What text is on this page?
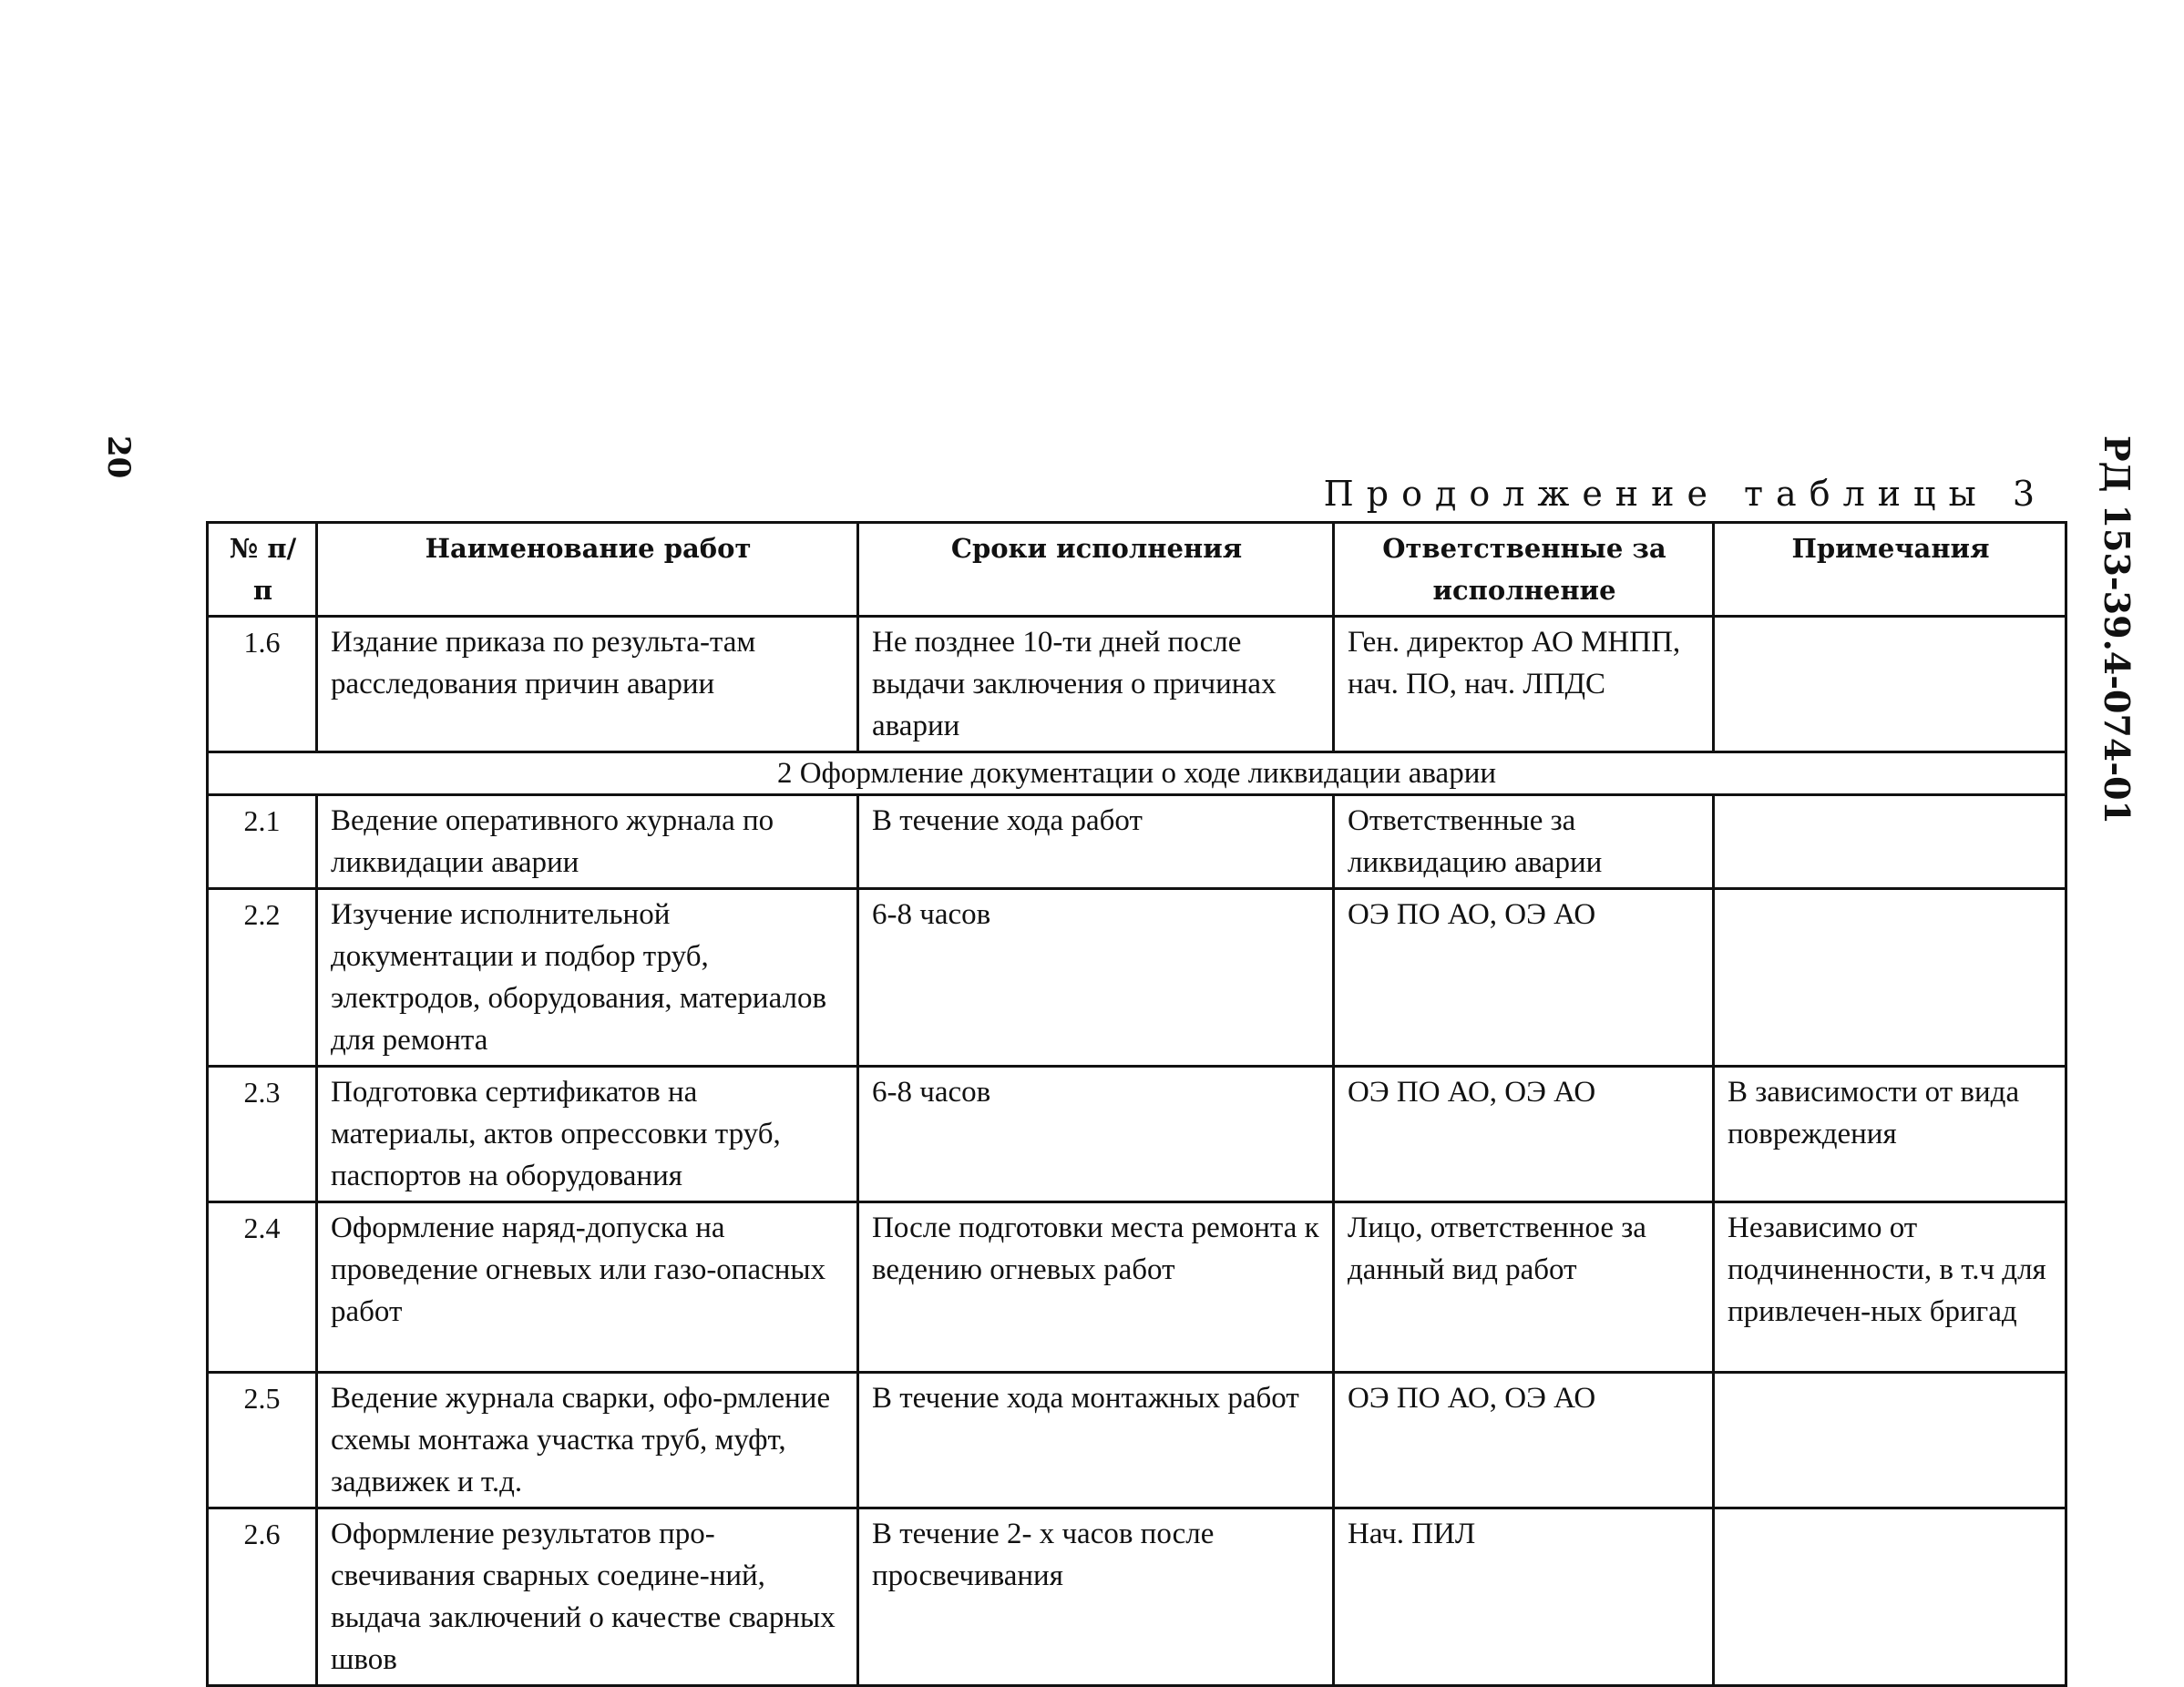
20	РД 153-39.4-074-01
Продолжение таблицы 3
№ п/п	Наименование работ	Сроки исполнения	Ответственные за исполнение	Примечания
1.6	Издание приказа по результа-там расследования причин аварии	Не позднее 10-ти дней после выдачи заключения о причинах аварии	Ген. директор АО МНПП, нач. ПО, нач. ЛПДС	
2 Оформление документации о ходе ликвидации аварии				
2.1	Ведение оперативного журнала по ликвидации аварии	В течение хода работ	Ответственные за ликвидацию аварии	
2.2	Изучение исполнительной документации и подбор труб, электродов, оборудования, материалов для ремонта	6-8 часов	ОЭ ПО АО, ОЭ АО	
2.3	Подготовка сертификатов на материалы, актов опрессовки труб, паспортов на оборудования	6-8 часов	ОЭ ПО АО, ОЭ АО	В зависимости от вида повреждения
2.4	Оформление наряд-допуска на проведение огневых или газо-опасных работ	После подготовки места ремонта к ведению огневых работ	Лицо, ответственное за данный вид работ	Независимо от подчиненности, в т.ч для привлечен-ных бригад
2.5	Ведение журнала сварки, офо-рмление схемы монтажа участка труб, муфт, задвижек и т.д.	В течение хода монтажных работ	ОЭ ПО АО, ОЭ АО	
2.6	Оформление результатов про-свечивания сварных соедине-ний, выдача заключений о качестве сварных швов	В течение 2- х часов после просвечивания	Нач. ПИЛ	
